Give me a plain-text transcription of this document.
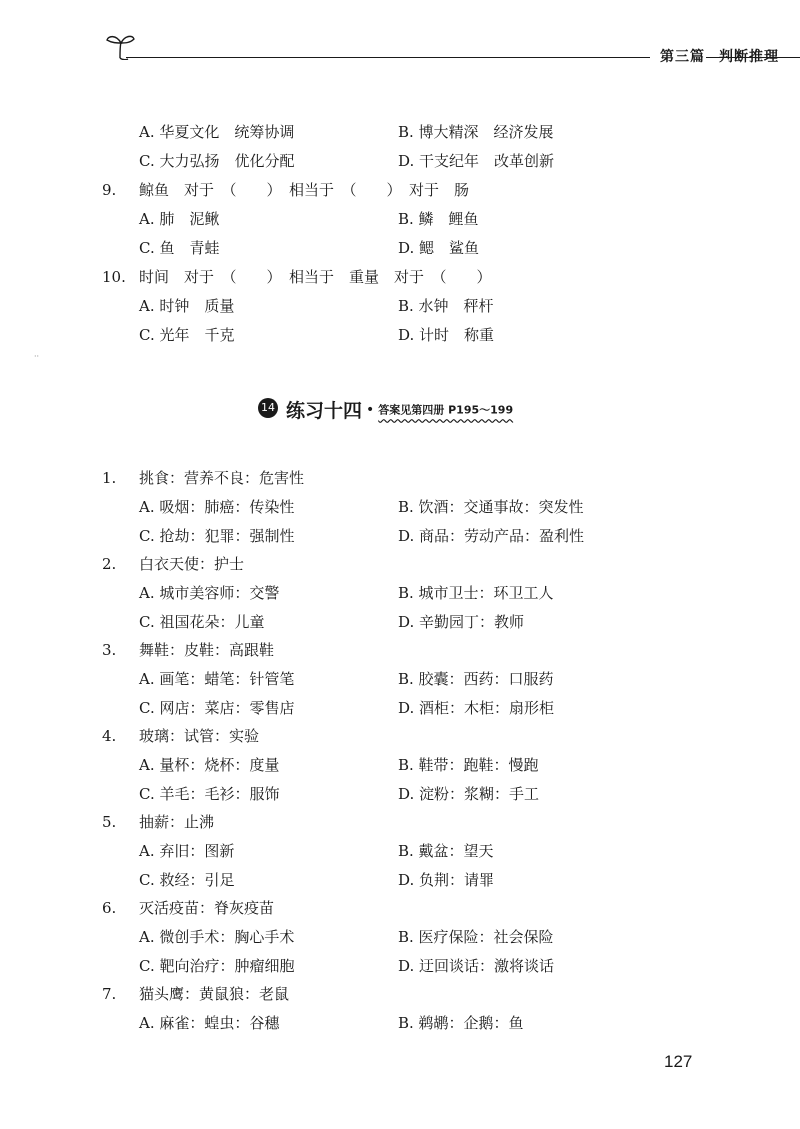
第三篇 判断推理
··
A. 华夏文化　统筹协调	B. 博大精深　经济发展
C. 大力弘扬　优化分配	D. 干支纪年　改革创新
9.	鲸鱼　对于　（　　）　相当于　（　　）　对于　肠
A. 肺　泥鳅	B. 鳞　鲤鱼
C. 鱼　青蛙	D. 鳃　鲨鱼
10. 时间　对于　（　　）　相当于　重量　对于　（　　）
A. 时钟　质量	B. 水钟　秤杆
C. 光年　千克	D. 计时　称重
14 练习十四 • 答案见第四册 P195～199
1.	挑食：营养不良：危害性
A. 吸烟：肺癌：传染性	B. 饮酒：交通事故：突发性
C. 抢劫：犯罪：强制性	D. 商品：劳动产品：盈利性
2.	白衣天使：护士
A. 城市美容师：交警	B. 城市卫士：环卫工人
C. 祖国花朵：儿童	D. 辛勤园丁：教师
3.	舞鞋：皮鞋：高跟鞋
A. 画笔：蜡笔：针管笔	B. 胶囊：西药：口服药
C. 网店：菜店：零售店	D. 酒柜：木柜：扇形柜
4.	玻璃：试管：实验
A. 量杯：烧杯：度量	B. 鞋带：跑鞋：慢跑
C. 羊毛：毛衫：服饰	D. 淀粉：浆糊：手工
5.	抽薪：止沸
A. 弃旧：图新	B. 戴盆：望天
C. 救经：引足	D. 负荆：请罪
6.	灭活疫苗：脊灰疫苗
A. 微创手术：胸心手术	B. 医疗保险：社会保险
C. 靶向治疗：肿瘤细胞	D. 迂回谈话：激将谈话
7.	猫头鹰：黄鼠狼：老鼠
A. 麻雀：蝗虫：谷穗	B. 鹈鹕：企鹅：鱼
127
